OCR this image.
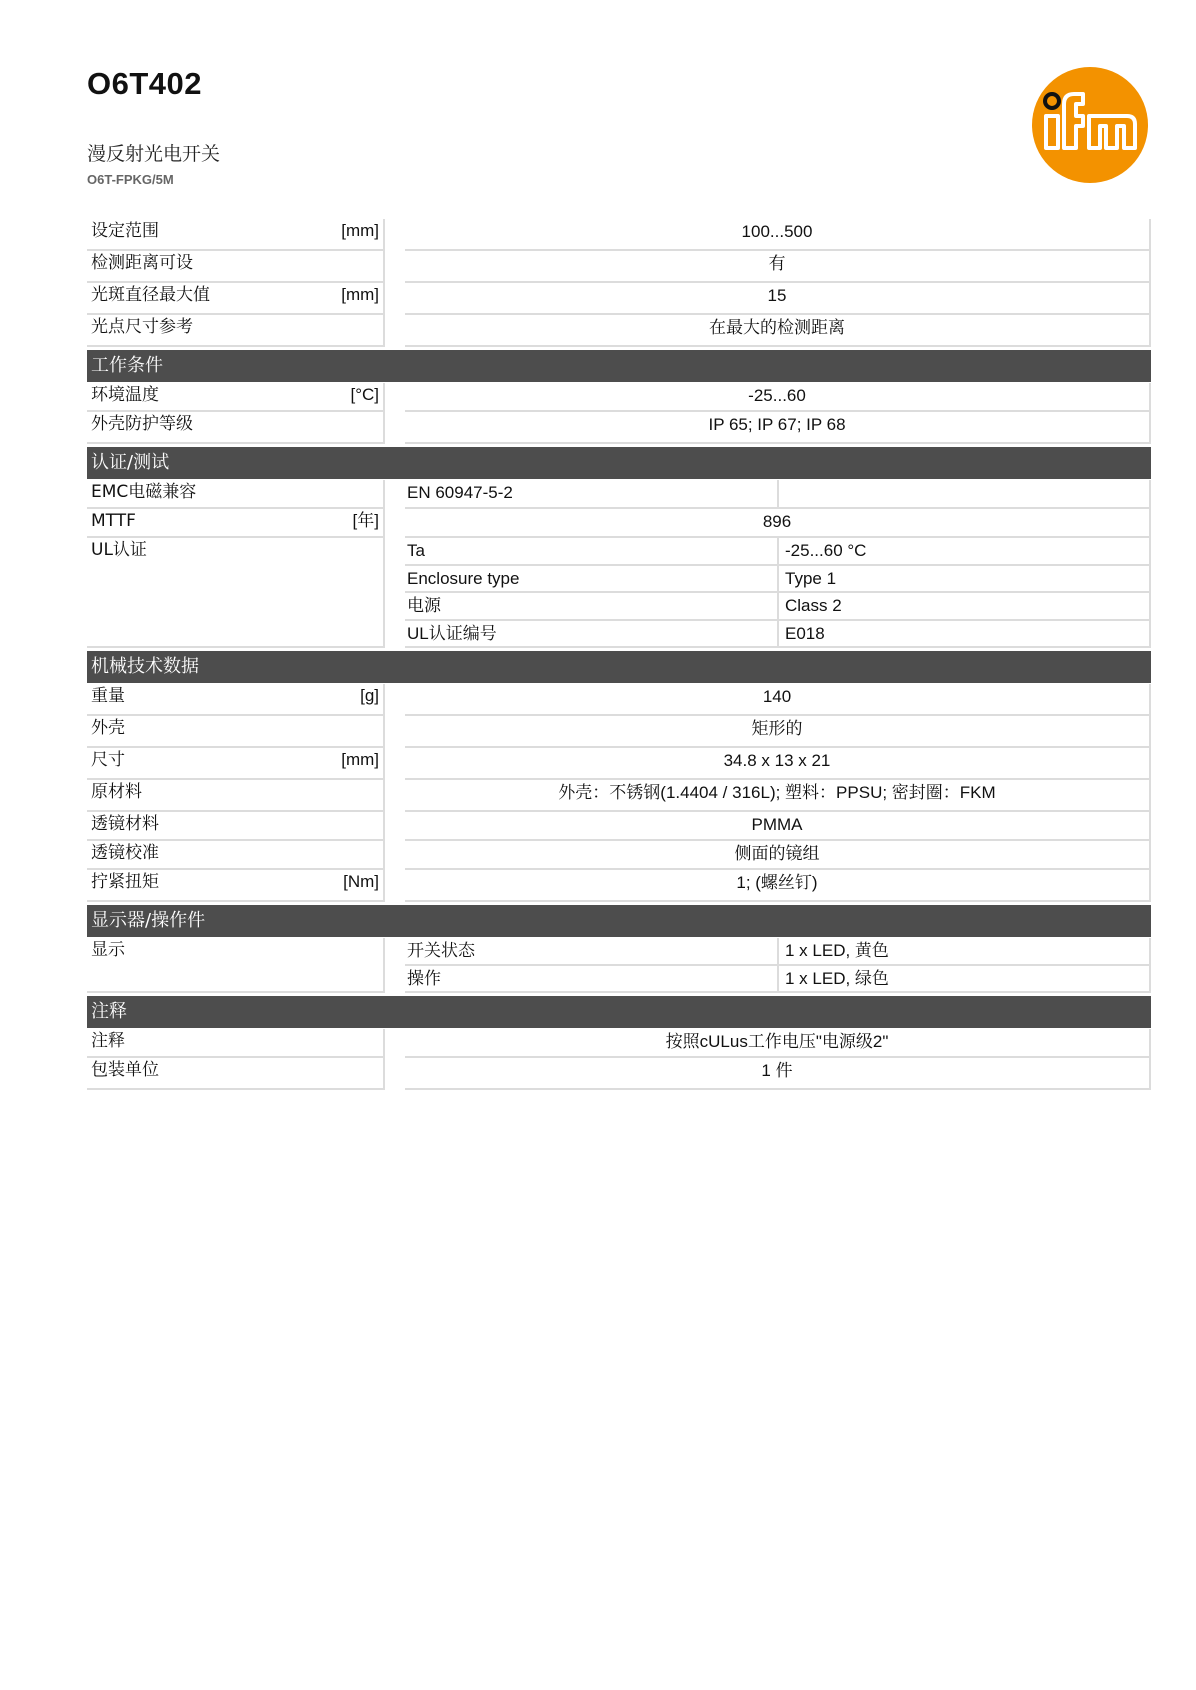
O6T402
漫反射光电开关
O6T-FPKG/5M
设定范围	[mm]	100...500
检测距离可设	有
光斑直径最大值	[mm]	15
光点尺寸参考	在最大的检测距离
工作条件
环境温度	[°C]	-25...60
外壳防护等级	IP 65; IP 67; IP 68
认证/测试
EMC电磁兼容	EN 60947-5-2
MTTF	[年]	896
UL认证	Ta	-25...60 °C
Enclosure type	Type 1
电源	Class 2
UL认证编号	E018
机械技术数据
重量	[g]	140
外壳	矩形的
尺寸	[mm]	34.8 x 13 x 21
原材料	外壳：不锈钢(1.4404 / 316L); 塑料：PPSU; 密封圈：FKM
透镜材料	PMMA
透镜校准	侧面的镜组
拧紧扭矩	[Nm]	1; (螺丝钉)
显示器/操作件
显示	开关状态	1 x LED, 黄色
操作	1 x LED, 绿色
注释
注释	按照cULus工作电压"电源级2"
包装单位	1 件
